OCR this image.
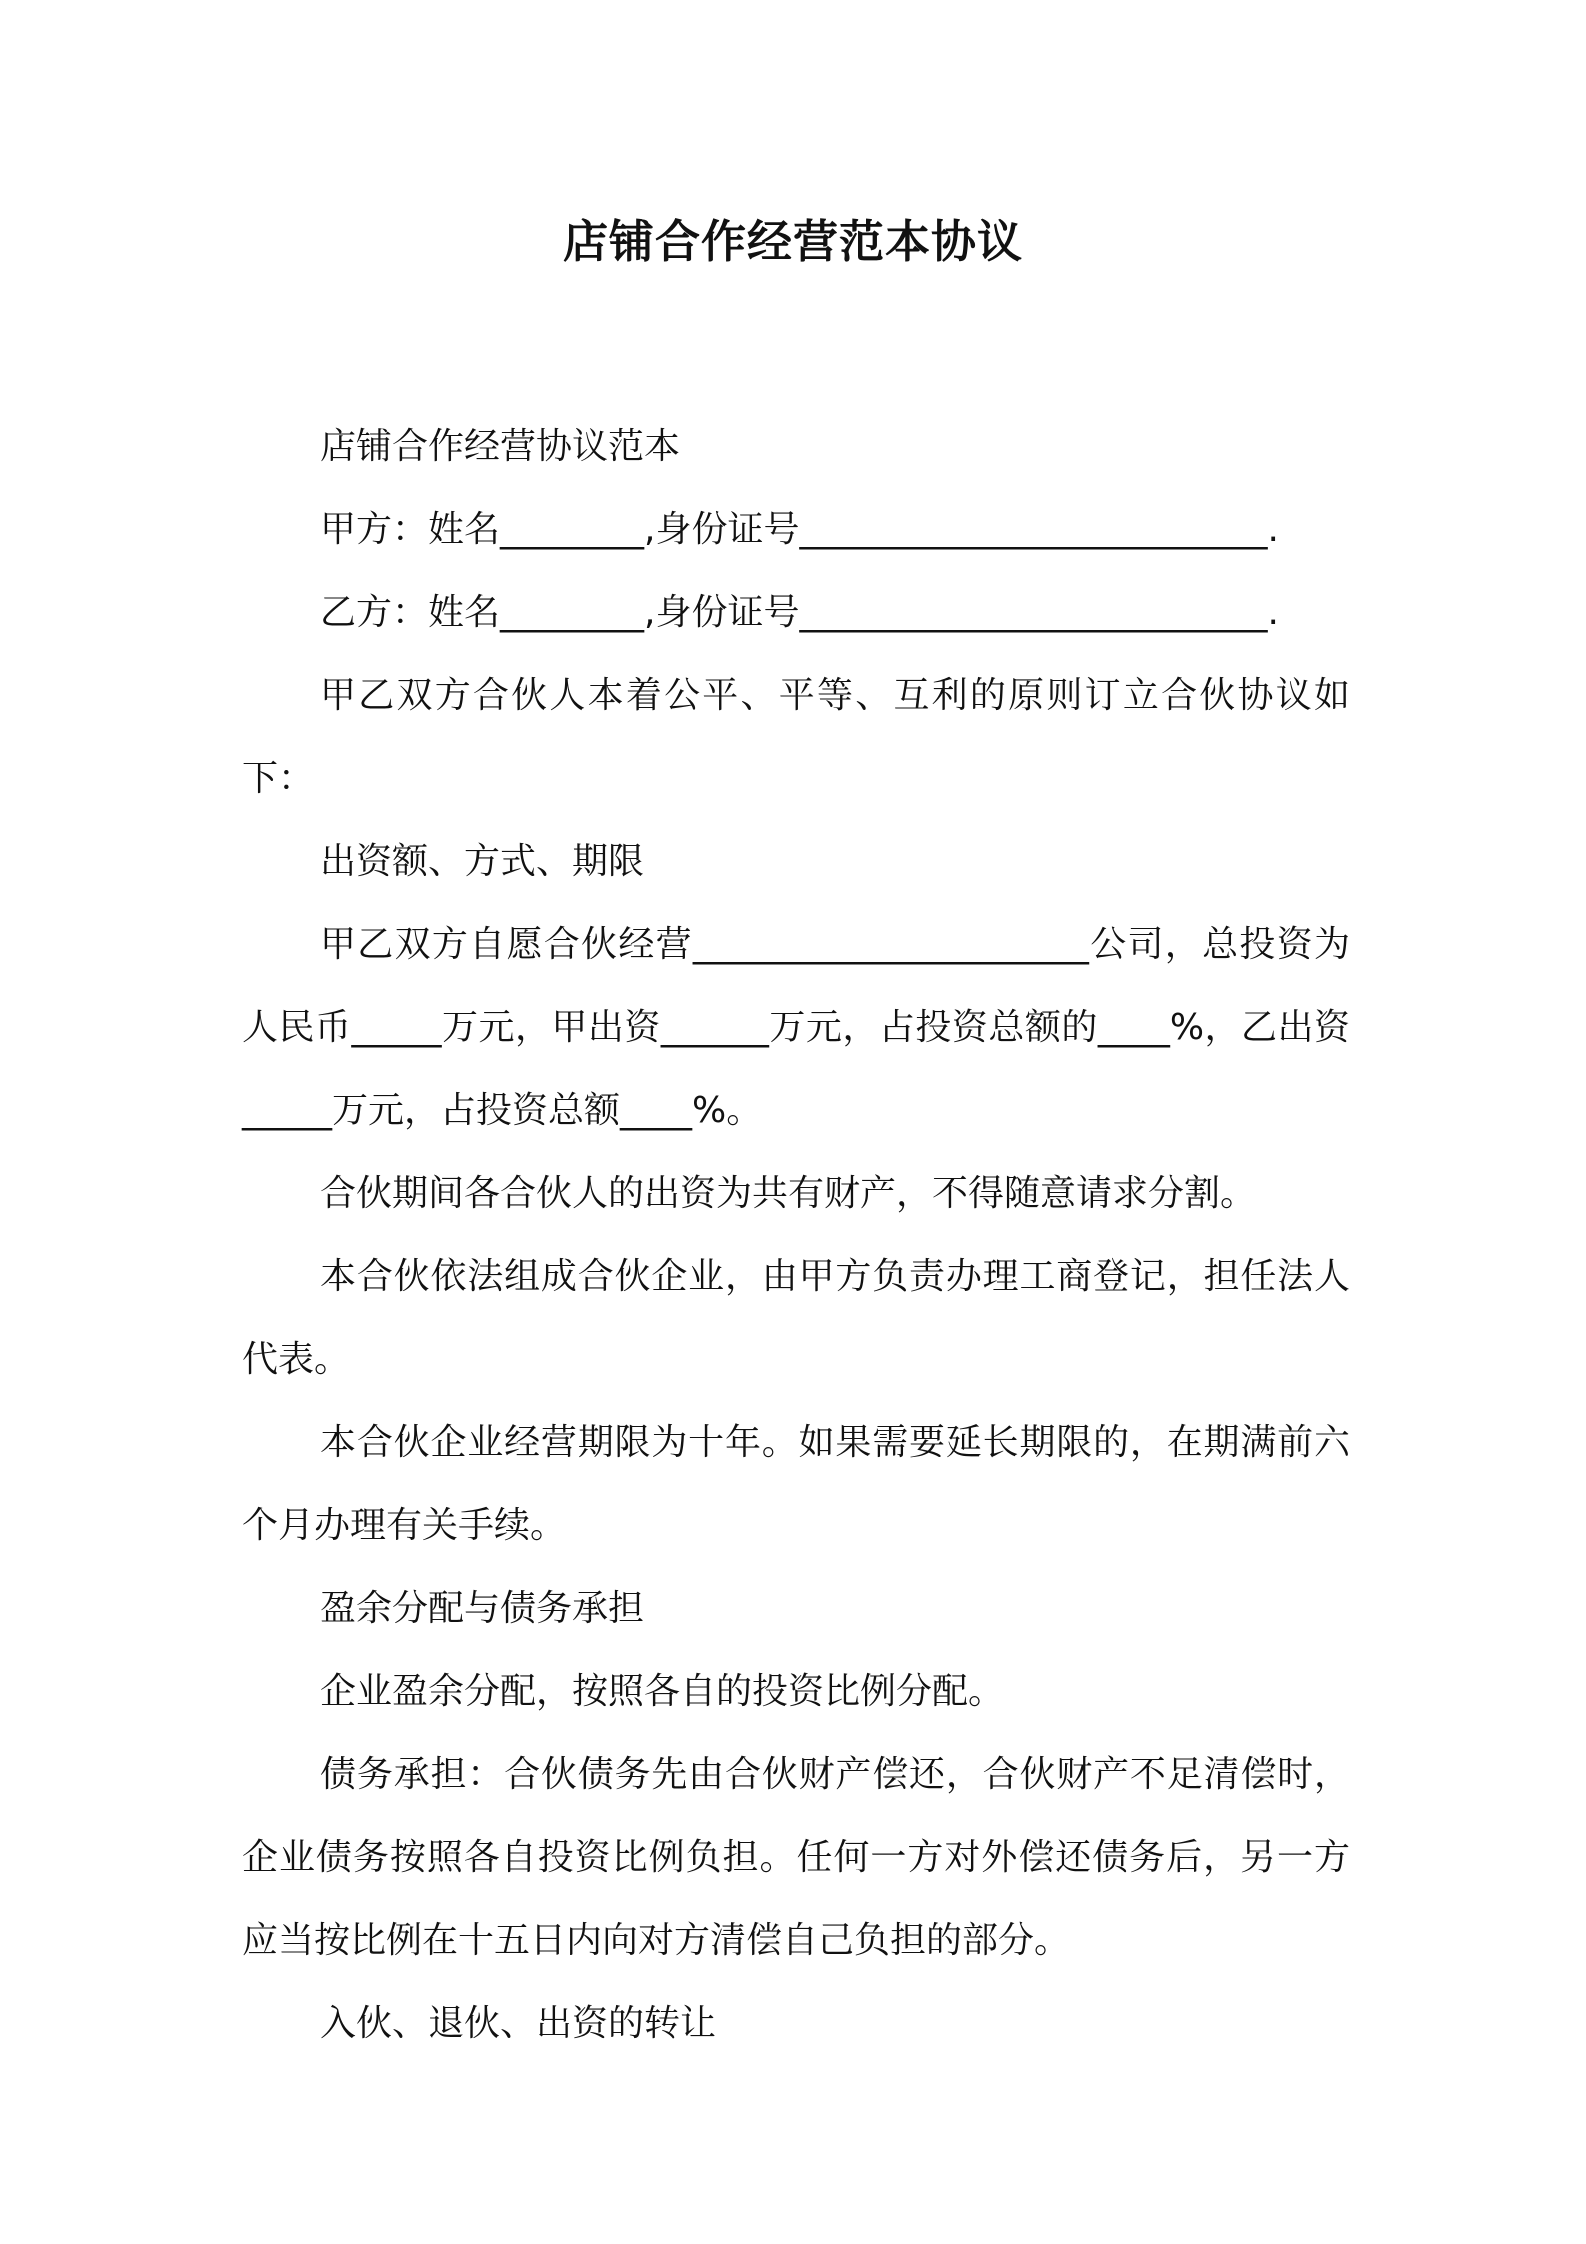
店铺合作经营范本协议

店铺合作经营协议范本

甲方：姓名________,身份证号__________________________.

乙方：姓名________,身份证号__________________________.

甲乙双方合伙人本着公平、平等、互利的原则订立合伙协议如下：

出资额、方式、期限

甲乙双方自愿合伙经营______________________公司，总投资为人民币_____万元，甲出资______万元，占投资总额的____%，乙出资_____万元，占投资总额____%。

合伙期间各合伙人的出资为共有财产，不得随意请求分割。

本合伙依法组成合伙企业，由甲方负责办理工商登记，担任法人代表。

本合伙企业经营期限为十年。如果需要延长期限的，在期满前六个月办理有关手续。

盈余分配与债务承担

企业盈余分配，按照各自的投资比例分配。

债务承担：合伙债务先由合伙财产偿还，合伙财产不足清偿时，企业债务按照各自投资比例负担。任何一方对外偿还债务后，另一方应当按比例在十五日内向对方清偿自己负担的部分。

入伙、退伙、出资的转让
